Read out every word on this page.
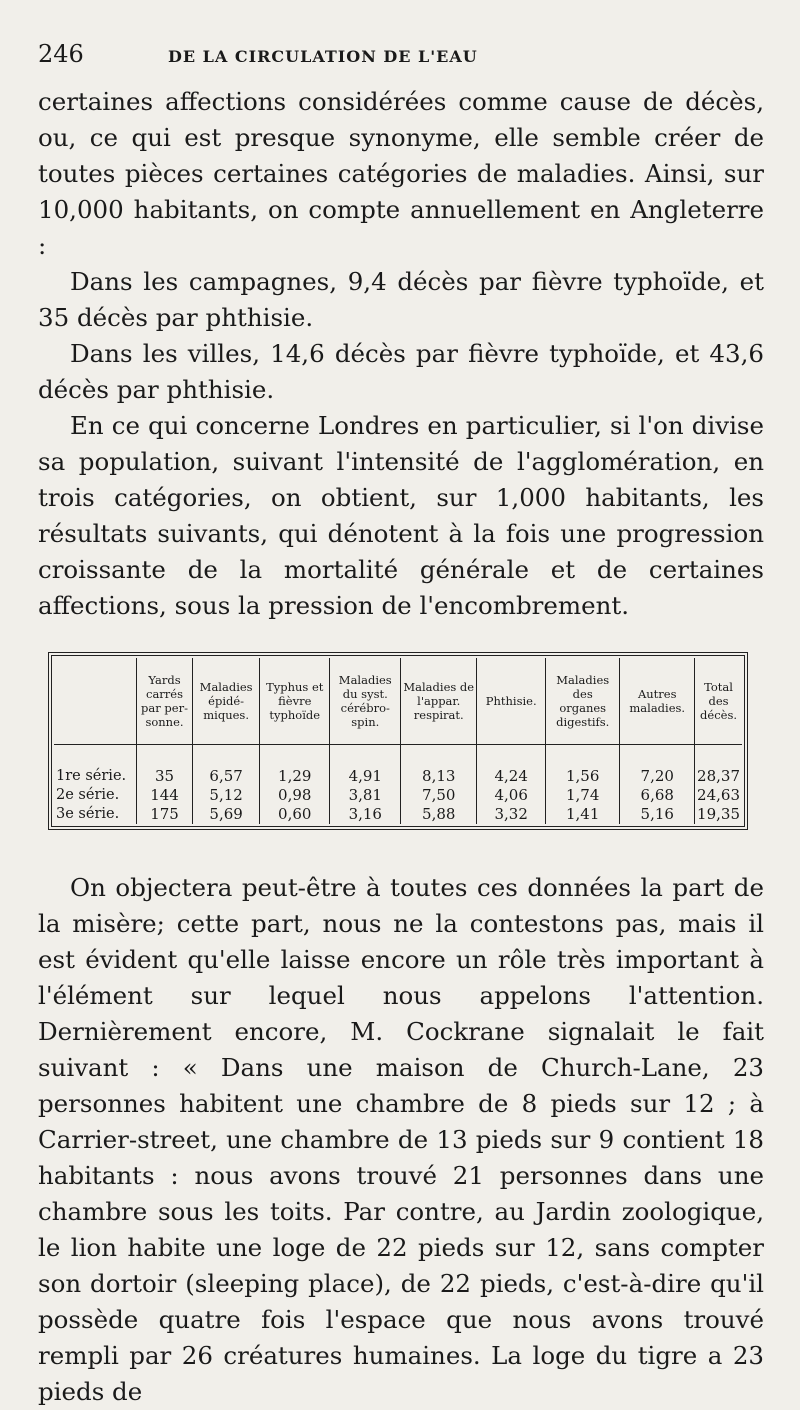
246	DE LA CIRCULATION DE L'EAU

certaines affections considérées comme cause de décès, ou, ce qui est presque synonyme, elle semble créer de toutes pièces certaines catégories de maladies. Ainsi, sur 10,000 habitants, on compte annuellement en Angleterre :

Dans les campagnes, 9,4 décès par fièvre typhoïde, et 35 décès par phthisie.

Dans les villes, 14,6 décès par fièvre typhoïde, et 43,6 décès par phthisie.

En ce qui concerne Londres en particulier, si l'on divise sa population, suivant l'intensité de l'agglomération, en trois catégories, on obtient, sur 1,000 habitants, les résultats suivants, qui dénotent à la fois une progression croissante de la mortalité générale et de certaines affections, sous la pression de l'encombrement.

	Yards carrés par per-sonne.	Maladies épidé-miques.	Typhus et fièvre typhoïde	Maladies du syst. cérébro-spin.	Maladies de l'appar. respirat.	Phthisie.	Maladies des organes digestifs.	Autres maladies.	Total des décès.
1re série.	35	6,57	1,29	4,91	8,13	4,24	1,56	7,20	28,37
2e série.	144	5,12	0,98	3,81	7,50	4,06	1,74	6,68	24,63
3e série.	175	5,69	0,60	3,16	5,88	3,32	1,41	5,16	19,35

On objectera peut-être à toutes ces données la part de la misère; cette part, nous ne la contestons pas, mais il est évident qu'elle laisse encore un rôle très important à l'élément sur lequel nous appelons l'attention. Dernièrement encore, M. Cockrane signalait le fait suivant : « Dans une maison de Church-Lane, 23 personnes habitent une chambre de 8 pieds sur 12 ; à Carrier-street, une chambre de 13 pieds sur 9 contient 18 habitants : nous avons trouvé 21 personnes dans une chambre sous les toits. Par contre, au Jardin zoologique, le lion habite une loge de 22 pieds sur 12, sans compter son dortoir (sleeping place), de 22 pieds, c'est-à-dire qu'il possède quatre fois l'espace que nous avons trouvé rempli par 26 créatures humaines. La loge du tigre a 23 pieds de
